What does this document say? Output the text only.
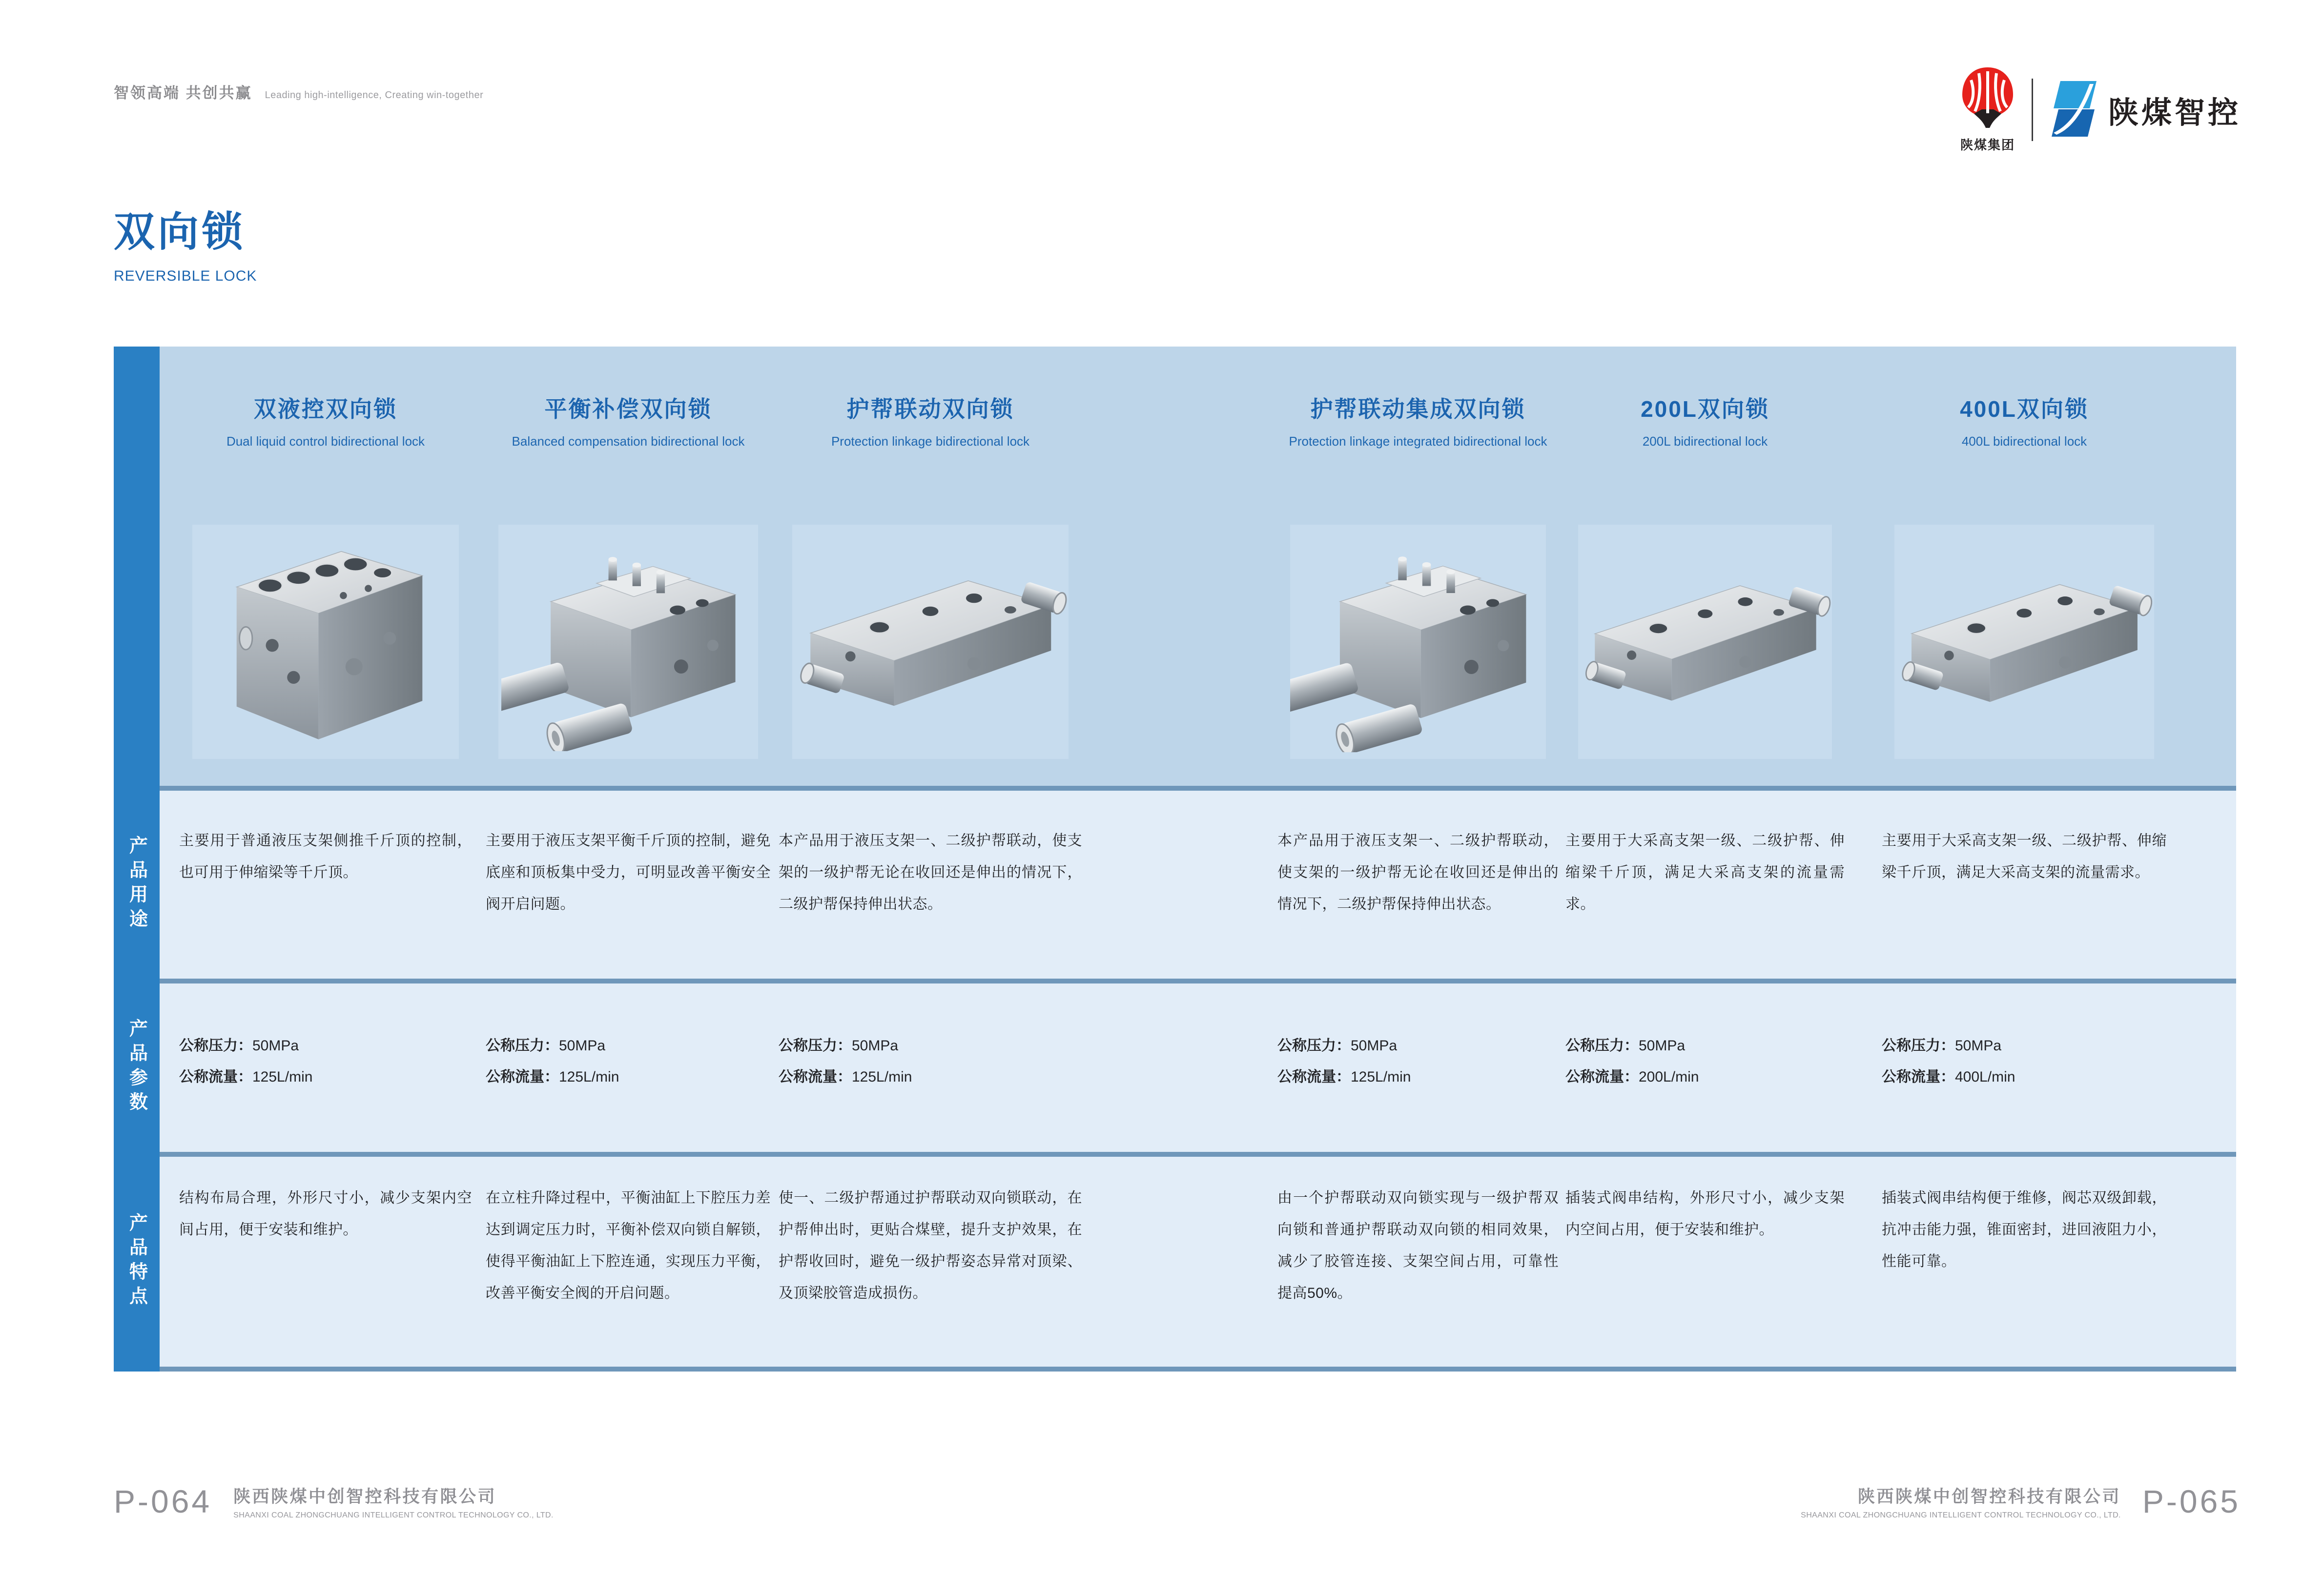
智领高端 共创共赢 Leading high-intelligence, Creating win-together
陕煤集团
陕煤智控
双向锁
REVERSIBLE LOCK
产品用途
产品参数
产品特点
双液控双向锁
Dual liquid control bidirectional lock
平衡补偿双向锁
Balanced compensation bidirectional lock
护帮联动双向锁
Protection linkage bidirectional lock
护帮联动集成双向锁
Protection linkage integrated bidirectional lock
200L双向锁
200L bidirectional lock
400L双向锁
400L bidirectional lock

主要用于普通液压支架侧推千斤顶的控制，也可用于伸缩梁等千斤顶。

主要用于液压支架平衡千斤顶的控制，避免底座和顶板集中受力，可明显改善平衡安全阀开启问题。

本产品用于液压支架一、二级护帮联动，使支架的一级护帮无论在收回还是伸出的情况下，二级护帮保持伸出状态。

本产品用于液压支架一、二级护帮联动，使支架的一级护帮无论在收回还是伸出的情况下，二级护帮保持伸出状态。

主要用于大采高支架一级、二级护帮、伸缩梁千斤顶，满足大采高支架的流量需求。

主要用于大采高支架一级、二级护帮、伸缩梁千斤顶，满足大采高支架的流量需求。

公称压力：50MPa
公称流量：125L/min
公称压力：50MPa
公称流量：125L/min
公称压力：50MPa
公称流量：125L/min
公称压力：50MPa
公称流量：125L/min
公称压力：50MPa
公称流量：200L/min
公称压力：50MPa
公称流量：400L/min

结构布局合理，外形尺寸小，减少支架内空间占用，便于安装和维护。

在立柱升降过程中，平衡油缸上下腔压力差达到调定压力时，平衡补偿双向锁自解锁，使得平衡油缸上下腔连通，实现压力平衡，改善平衡安全阀的开启问题。

使一、二级护帮通过护帮联动双向锁联动，在护帮伸出时，更贴合煤壁，提升支护效果，在护帮收回时，避免一级护帮姿态异常对顶梁、及顶梁胶管造成损伤。

由一个护帮联动双向锁实现与一级护帮双向锁和普通护帮联动双向锁的相同效果，减少了胶管连接、支架空间占用，可靠性提高50%。

插装式阀串结构，外形尺寸小，减少支架内空间占用，便于安装和维护。

插装式阀串结构便于维修，阀芯双级卸载，抗冲击能力强，锥面密封，进回液阻力小，性能可靠。

P-064 陕西陕煤中创智控科技有限公司
SHAANXI COAL ZHONGCHUANG INTELLIGENT CONTROL TECHNOLOGY CO., LTD.
陕西陕煤中创智控科技有限公司
SHAANXI COAL ZHONGCHUANG INTELLIGENT CONTROL TECHNOLOGY CO., LTD. P-065
